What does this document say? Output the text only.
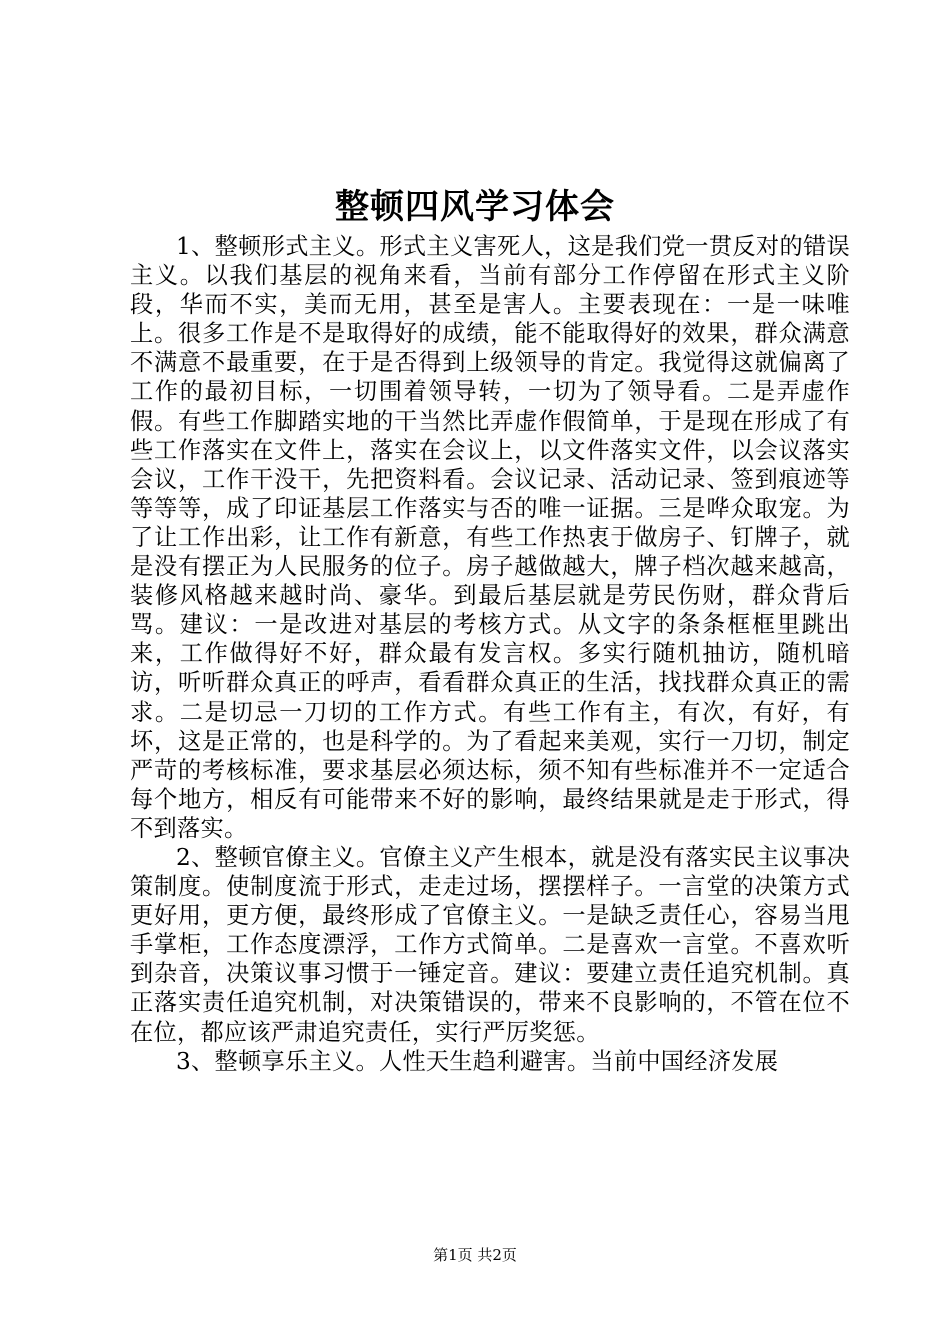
整顿四风学习体会

1、整顿形式主义。形式主义害死人，这是我们党一贯反对的错误主义。以我们基层的视角来看，当前有部分工作停留在形式主义阶段，华而不实，美而无用，甚至是害人。主要表现在：一是一味唯上。很多工作是不是取得好的成绩，能不能取得好的效果，群众满意不满意不最重要，在于是否得到上级领导的肯定。我觉得这就偏离了工作的最初目标，一切围着领导转，一切为了领导看。二是弄虚作假。有些工作脚踏实地的干当然比弄虚作假简单，于是现在形成了有些工作落实在文件上，落实在会议上，以文件落实文件，以会议落实会议，工作干没干，先把资料看。会议记录、活动记录、签到痕迹等等等等，成了印证基层工作落实与否的唯一证据。三是哗众取宠。为了让工作出彩，让工作有新意，有些工作热衷于做房子、钉牌子，就是没有摆正为人民服务的位子。房子越做越大，牌子档次越来越高，装修风格越来越时尚、豪华。到最后基层就是劳民伤财，群众背后骂。建议：一是改进对基层的考核方式。从文字的条条框框里跳出来，工作做得好不好，群众最有发言权。多实行随机抽访，随机暗访，听听群众真正的呼声，看看群众真正的生活，找找群众真正的需求。二是切忌一刀切的工作方式。有些工作有主，有次，有好，有坏，这是正常的，也是科学的。为了看起来美观，实行一刀切，制定严苛的考核标准，要求基层必须达标，须不知有些标准并不一定适合每个地方，相反有可能带来不好的影响，最终结果就是走于形式，得不到落实。

2、整顿官僚主义。官僚主义产生根本，就是没有落实民主议事决策制度。使制度流于形式，走走过场，摆摆样子。一言堂的决策方式更好用，更方便，最终形成了官僚主义。一是缺乏责任心，容易当甩手掌柜，工作态度漂浮，工作方式简单。二是喜欢一言堂。不喜欢听到杂音，决策议事习惯于一锤定音。建议：要建立责任追究机制。真正落实责任追究机制，对决策错误的，带来不良影响的，不管在位不在位，都应该严肃追究责任，实行严厉奖惩。

3、整顿享乐主义。人性天生趋利避害。当前中国经济发展

第1页 共2页
